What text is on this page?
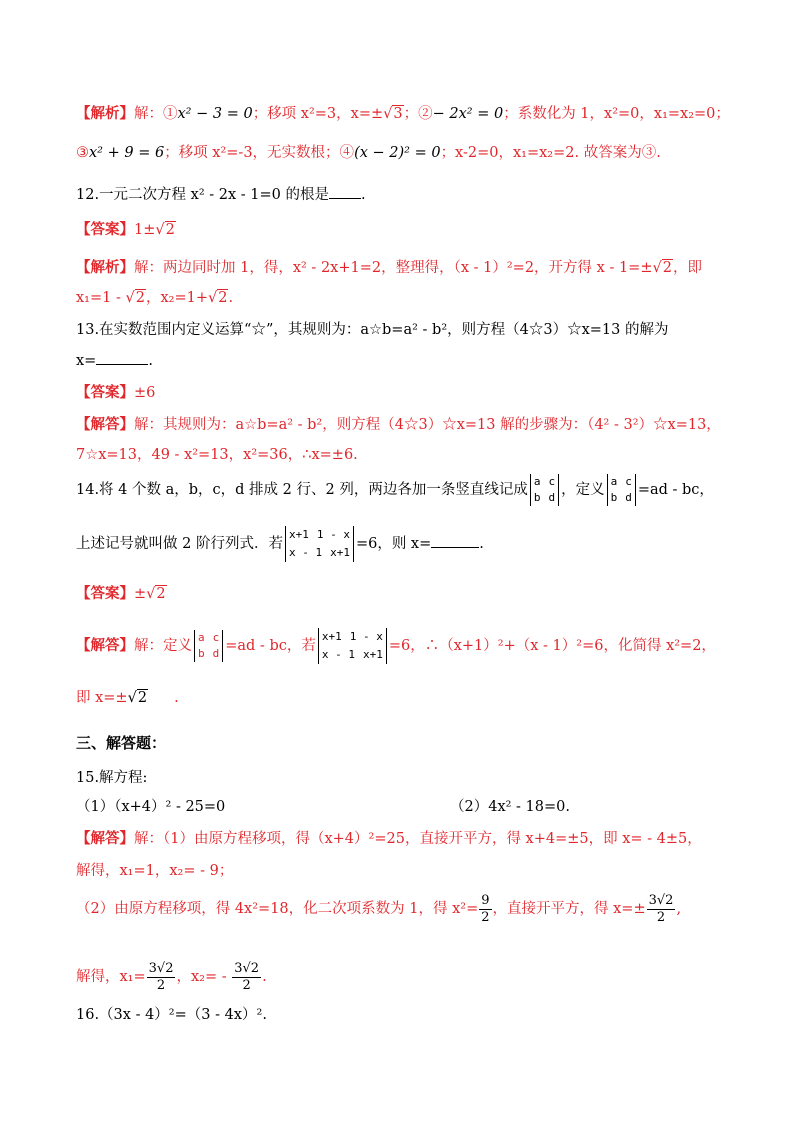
【解析】解：①x² − 3 = 0；移项 x²=3，x=±√3；②− 2x² = 0；系数化为 1，x²=0，x₁=x₂=0；
③x² + 9 = 6；移项 x²=-3，无实数根；④(x − 2)² = 0；x-2=0，x₁=x₂=2. 故答案为③.
12.一元二次方程 x² - 2x - 1=0 的根是 .
【答案】1±√2
【解析】解：两边同时加 1，得，x² - 2x+1=2，整理得，（x - 1）²=2，开方得 x - 1=±√2，即
x₁=1 - √2，x₂=1+√2.
13.在实数范围内定义运算“☆”，其规则为：a☆b=a² - b²，则方程（4☆3）☆x=13 的解为
x=	.
【答案】±6
【解答】解：其规则为：a☆b=a² - b²，则方程（4☆3）☆x=13 解的步骤为：（4² - 3²）☆x=13，
7☆x=13，49 - x²=13，x²=36，∴x=±6.
14.将 4 个数 a，b，c，d 排成 2 行、2 列，两边各加一条竖直线记成
a c
b d ，定义
a c
b d =ad - bc，
上述记号就叫做 2 阶行列式．若
x+1 1 - x
x - 1 x+1
=6，则 x=	.
【答案】±√2
【解答】解：定义
a c
b d =ad - bc，若
x+1 1 - x
x - 1 x+1
=6，∴（x+1）²+（x - 1）²=6，化简得 x²=2，
即 x=±√2 .
三、解答题：
15.解方程:
（1）（x+4）² - 25=0	（2）4x² - 18=0.
【解答】解：（1）由原方程移项，得（x+4）²=25，直接开平方，得 x+4=±5，即 x= - 4±5，
解得，x₁=1，x₂= - 9；
（2）由原方程移项，得 4x²=18，化二次项系数为 1，得 $x^2= \frac{9}{2}$ ，直接开平方，得 $x=\pm \frac{3√2}{2}$ ,
解得，$x_1= \frac{3√2}{2}$ ，$x_2= - \frac{3√2}{2}$ .
16.（3x - 4）²=（3 - 4x）².
